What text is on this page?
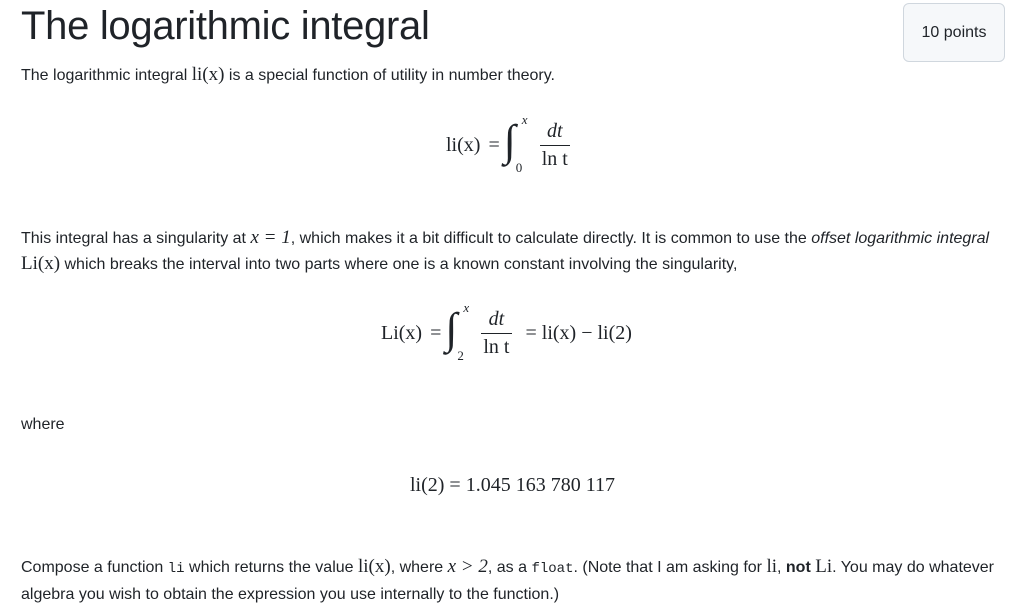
The logarithmic integral	10 points

The logarithmic integral li(x) is a special function of utility in number theory.

li(x) = ∫ x
$0 \frac{dt}{\text{ln t}}$

This integral has a singularity at x = 1, which makes it a bit difficult to calculate directly. It is common to use the offset logarithmic integral Li(x) which breaks the interval into two parts where one is a known constant involving the singularity,

Li(x) = ∫ x
$2 \frac{dt}{\text{ln t}} = li(x) - li(2)$

where

li(2) = 1.045 163 780 117

Compose a function li which returns the value li(x), where x > 2, as a float. (Note that I am asking for li, not Li. You may do whatever algebra you wish to obtain the expression you use internally to the function.)
